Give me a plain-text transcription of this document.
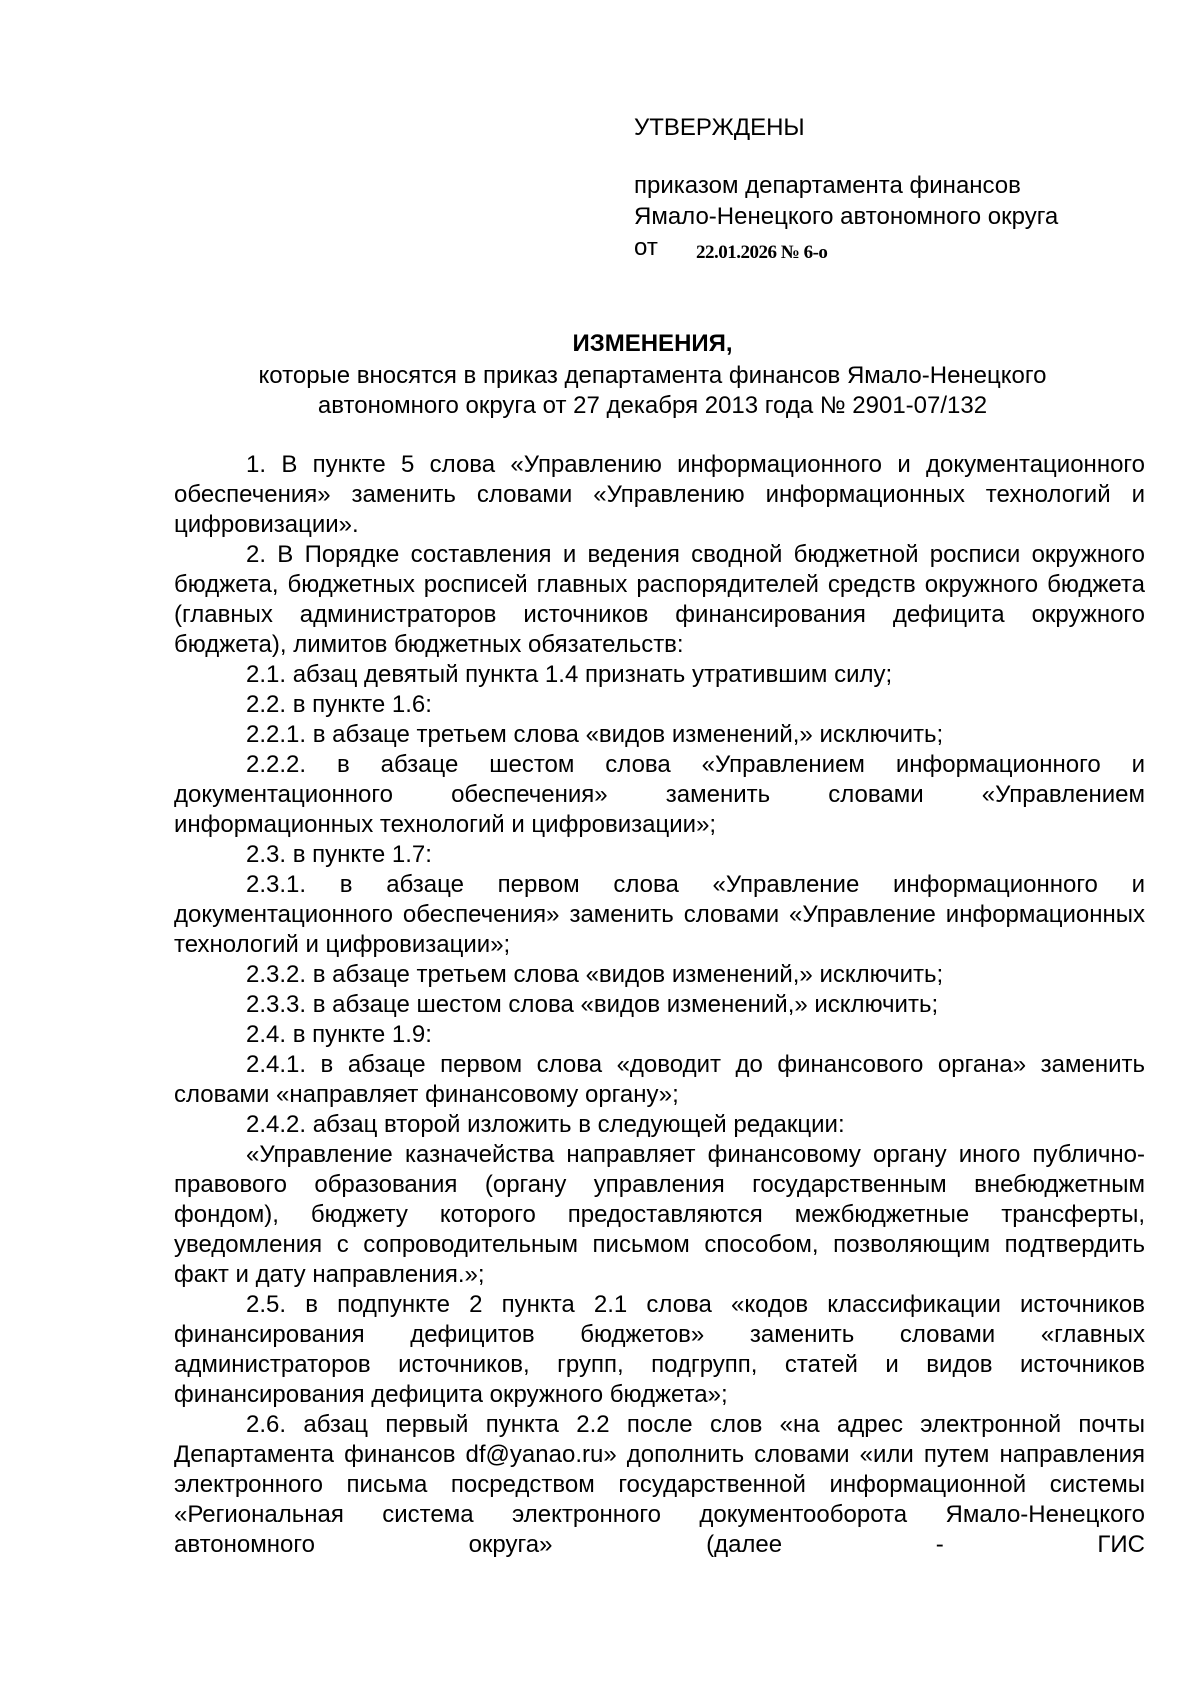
УТВЕРЖДЕНЫ
приказом департамента финансов
Ямало-Ненецкого автономного округа
от 22.01.2026 № 6-о
ИЗМЕНЕНИЯ,
которые вносятся в приказ департамента финансов Ямало-Ненецкого
автономного округа от 27 декабря 2013 года № 2901-07/132

1. В пункте 5 слова «Управлению информационного и документационного обеспечения» заменить словами «Управлению информационных технологий и цифровизации».

2. В Порядке составления и ведения сводной бюджетной росписи окружного бюджета, бюджетных росписей главных распорядителей средств окружного бюджета (главных администраторов источников финансирования дефицита окружного бюджета), лимитов бюджетных обязательств:

2.1. абзац девятый пункта 1.4 признать утратившим силу;

2.2. в пункте 1.6:

2.2.1. в абзаце третьем слова «видов изменений,» исключить;

2.2.2. в абзаце шестом слова «Управлением информационного и документационного обеспечения» заменить словами «Управлением информационных технологий и цифровизации»;

2.3. в пункте 1.7:

2.3.1. в абзаце первом слова «Управление информационного и документационного обеспечения» заменить словами «Управление информационных технологий и цифровизации»;

2.3.2. в абзаце третьем слова «видов изменений,» исключить;

2.3.3. в абзаце шестом слова «видов изменений,» исключить;

2.4. в пункте 1.9:

2.4.1. в абзаце первом слова «доводит до финансового органа» заменить словами «направляет финансовому органу»;

2.4.2. абзац второй изложить в следующей редакции:

«Управление казначейства направляет финансовому органу иного публично-правового образования (органу управления государственным внебюджетным фондом), бюджету которого предоставляются межбюджетные трансферты, уведомления с сопроводительным письмом способом, позволяющим подтвердить факт и дату направления.»;

2.5. в подпункте 2 пункта 2.1 слова «кодов классификации источников финансирования дефицитов бюджетов» заменить словами «главных администраторов источников, групп, подгрупп, статей и видов источников финансирования дефицита окружного бюджета»;

2.6. абзац первый пункта 2.2 после слов «на адрес электронной почты Департамента финансов df@yanao.ru» дополнить словами «или путем направления электронного письма посредством государственной информационной системы «Региональная система электронного документооборота Ямало-Ненецкого автономного округа» (далее - ГИС
